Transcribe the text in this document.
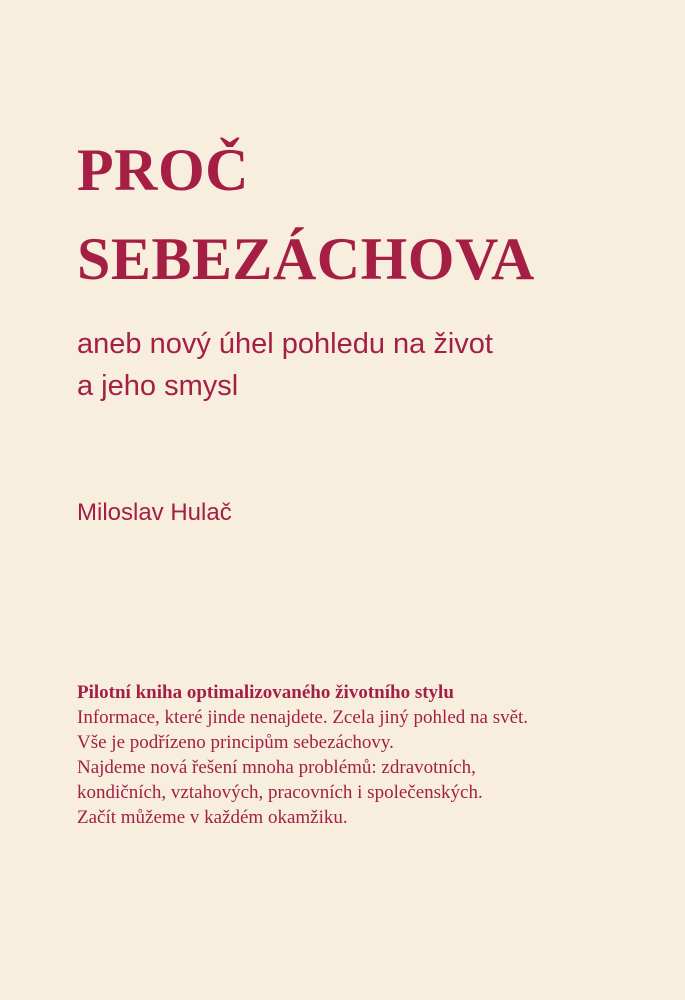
PROČ
SEBEZÁCHOVA
aneb nový úhel pohledu na život
a jeho smysl

Miloslav Hulač

Pilotní kniha optimalizovaného životního stylu
Informace, které jinde nenajdete. Zcela jiný pohled na svět.
Vše je podřízeno principům sebezáchovy.
Najdeme nová řešení mnoha problémů: zdravotních,
kondičních, vztahových, pracovních i společenských.
Začít můžeme v každém okamžiku.
